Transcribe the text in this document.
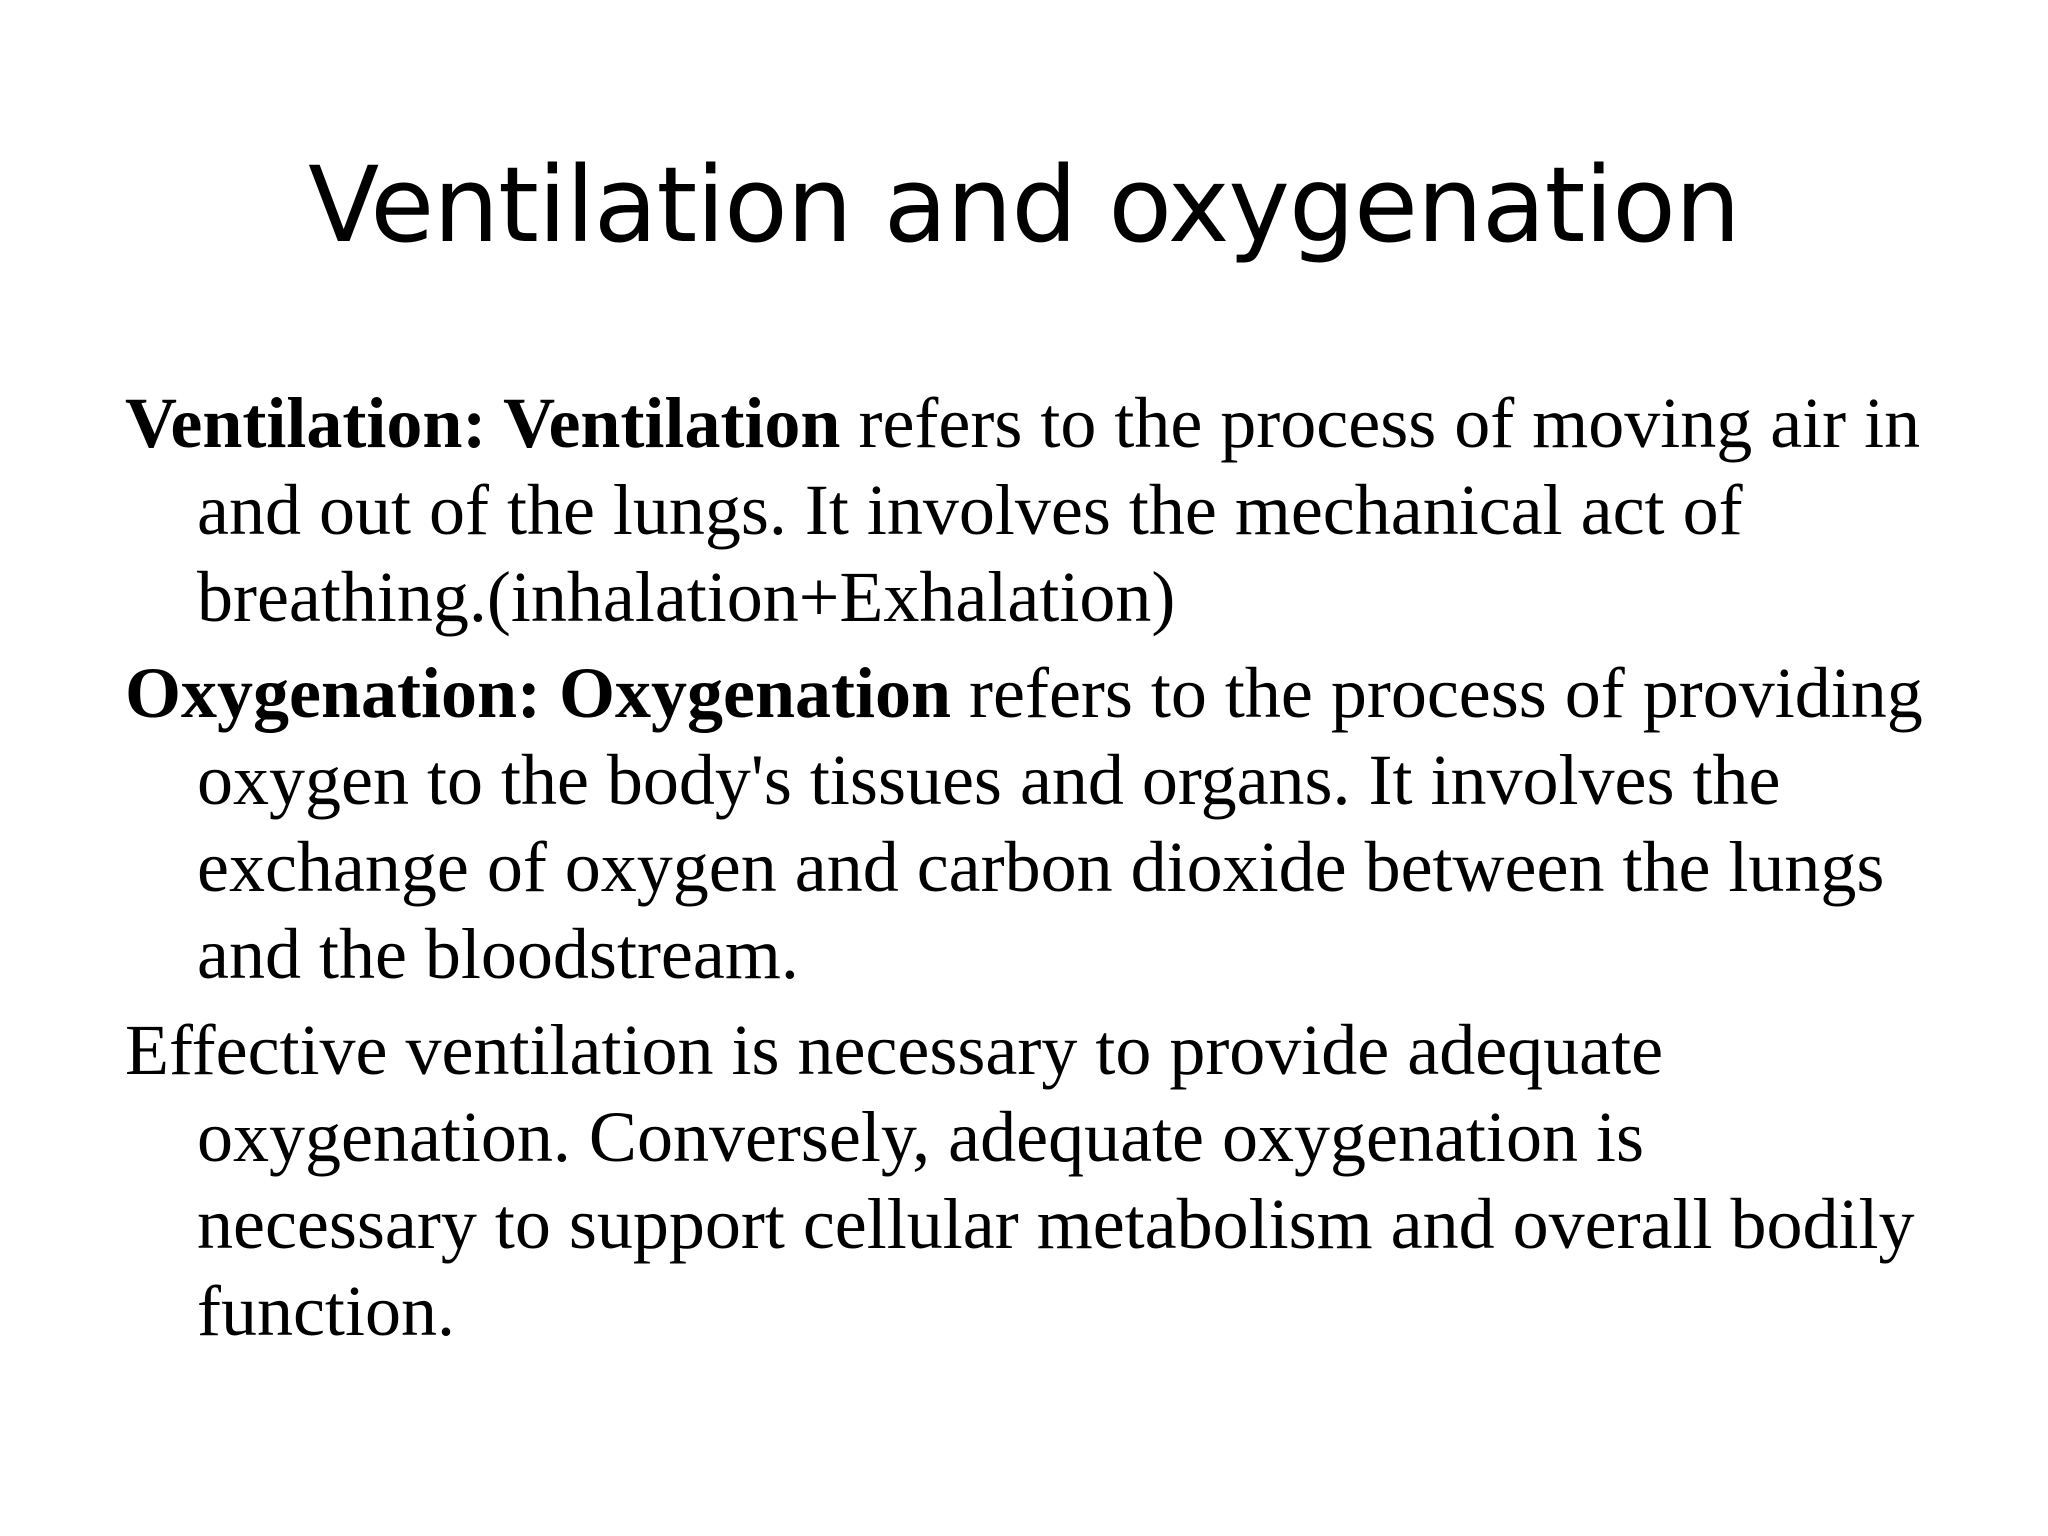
Ventilation and oxygenation

Ventilation: Ventilation refers to the process of moving air in and out of the lungs. It involves the mechanical act of breathing.(inhalation+Exhalation)

Oxygenation: Oxygenation refers to the process of providing oxygen to the body's tissues and organs. It involves the exchange of oxygen and carbon dioxide between the lungs and the bloodstream.

Effective ventilation is necessary to provide adequate oxygenation. Conversely, adequate oxygenation is necessary to support cellular metabolism and overall bodily function.
